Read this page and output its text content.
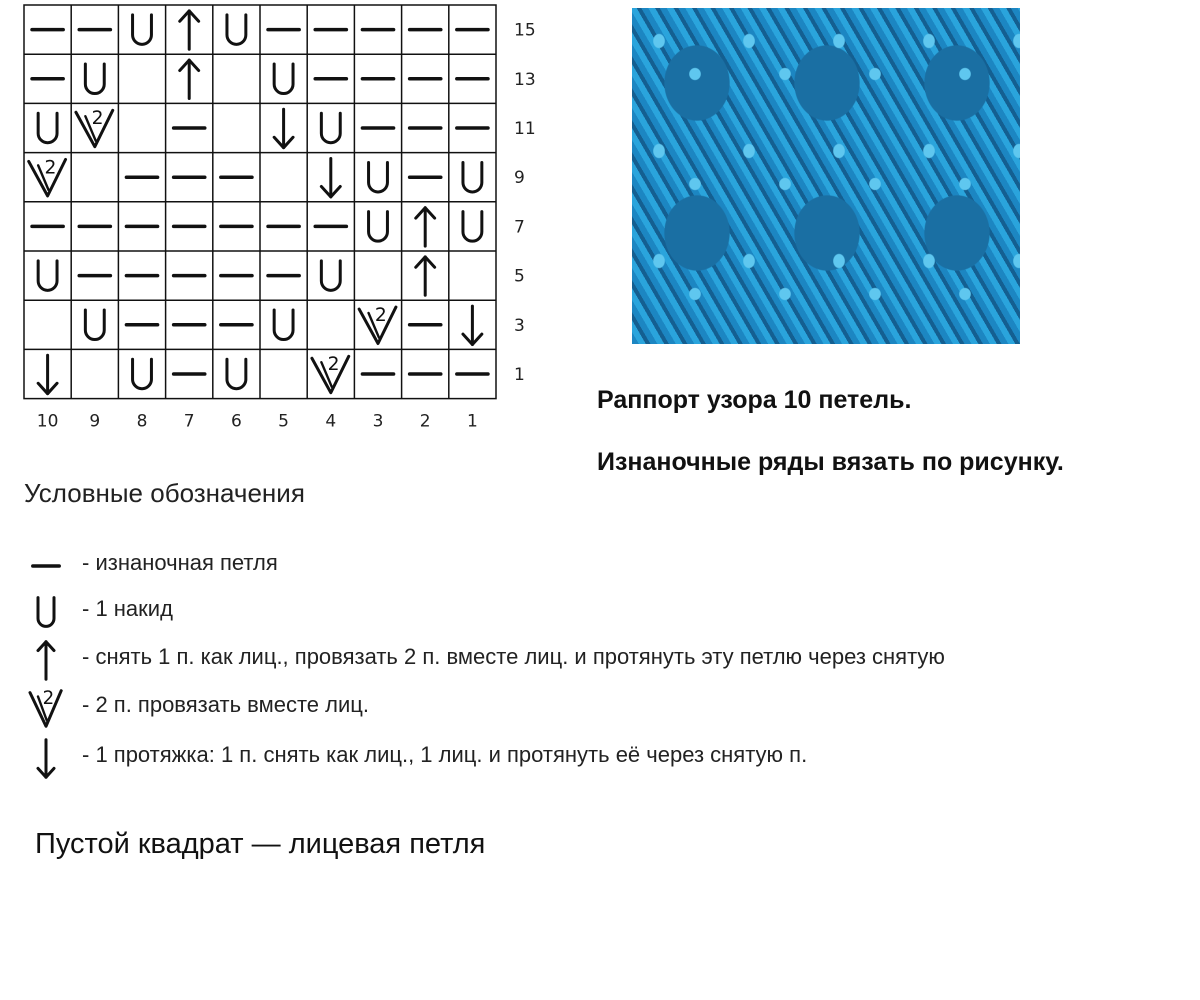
2
2
2
2
15
13
11
9
7
5
3
1
10 9 8 7 6 5 4 3 2 1
Раппорт узора 10 петель.
Изнаночные ряды вязать по рисунку.
Условные обозначения
- изнаночная петля
- 1 накид
- снять 1 п. как лиц., провязать 2 п. вместе лиц. и протянуть эту петлю через снятую
2 - 2 п. провязать вместе лиц.
- 1 протяжка: 1 п. снять как лиц., 1 лиц. и протянуть её через снятую п.
Пустой квадрат — лицевая петля
